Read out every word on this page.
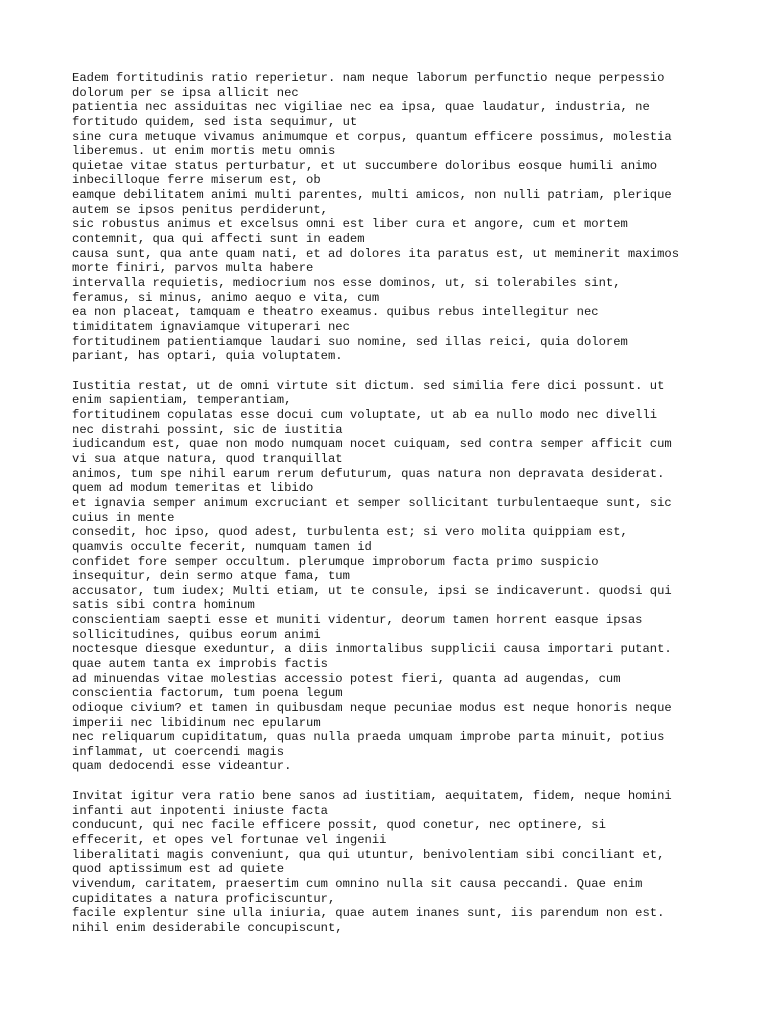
Eadem fortitudinis ratio reperietur. nam neque laborum perfunctio neque perpessio
dolorum per se ipsa allicit nec
patientia nec assiduitas nec vigiliae nec ea ipsa, quae laudatur, industria, ne
fortitudo quidem, sed ista sequimur, ut
sine cura metuque vivamus animumque et corpus, quantum efficere possimus, molestia
liberemus. ut enim mortis metu omnis
quietae vitae status perturbatur, et ut succumbere doloribus eosque humili animo
inbecilloque ferre miserum est, ob
eamque debilitatem animi multi parentes, multi amicos, non nulli patriam, plerique
autem se ipsos penitus perdiderunt,
sic robustus animus et excelsus omni est liber cura et angore, cum et mortem
contemnit, qua qui affecti sunt in eadem
causa sunt, qua ante quam nati, et ad dolores ita paratus est, ut meminerit maximos
morte finiri, parvos multa habere
intervalla requietis, mediocrium nos esse dominos, ut, si tolerabiles sint,
feramus, si minus, animo aequo e vita, cum
ea non placeat, tamquam e theatro exeamus. quibus rebus intellegitur nec
timiditatem ignaviamque vituperari nec
fortitudinem patientiamque laudari suo nomine, sed illas reici, quia dolorem
pariant, has optari, quia voluptatem.
Iustitia restat, ut de omni virtute sit dictum. sed similia fere dici possunt. ut
enim sapientiam, temperantiam,
fortitudinem copulatas esse docui cum voluptate, ut ab ea nullo modo nec divelli
nec distrahi possint, sic de iustitia
iudicandum est, quae non modo numquam nocet cuiquam, sed contra semper afficit cum
vi sua atque natura, quod tranquillat
animos, tum spe nihil earum rerum defuturum, quas natura non depravata desiderat.
quem ad modum temeritas et libido
et ignavia semper animum excruciant et semper sollicitant turbulentaeque sunt, sic
cuius in mente
consedit, hoc ipso, quod adest, turbulenta est; si vero molita quippiam est,
quamvis occulte fecerit, numquam tamen id
confidet fore semper occultum. plerumque improborum facta primo suspicio
insequitur, dein sermo atque fama, tum
accusator, tum iudex; Multi etiam, ut te consule, ipsi se indicaverunt. quodsi qui
satis sibi contra hominum
conscientiam saepti esse et muniti videntur, deorum tamen horrent easque ipsas
sollicitudines, quibus eorum animi
noctesque diesque exeduntur, a diis inmortalibus supplicii causa importari putant.
quae autem tanta ex improbis factis
ad minuendas vitae molestias accessio potest fieri, quanta ad augendas, cum
conscientia factorum, tum poena legum
odioque civium? et tamen in quibusdam neque pecuniae modus est neque honoris neque
imperii nec libidinum nec epularum
nec reliquarum cupiditatum, quas nulla praeda umquam improbe parta minuit, potius
inflammat, ut coercendi magis
quam dedocendi esse videantur.
Invitat igitur vera ratio bene sanos ad iustitiam, aequitatem, fidem, neque homini
infanti aut inpotenti iniuste facta
conducunt, qui nec facile efficere possit, quod conetur, nec optinere, si
effecerit, et opes vel fortunae vel ingenii
liberalitati magis conveniunt, qua qui utuntur, benivolentiam sibi conciliant et,
quod aptissimum est ad quiete
vivendum, caritatem, praesertim cum omnino nulla sit causa peccandi. Quae enim
cupiditates a natura proficiscuntur,
facile explentur sine ulla iniuria, quae autem inanes sunt, iis parendum non est.
nihil enim desiderabile concupiscunt,
